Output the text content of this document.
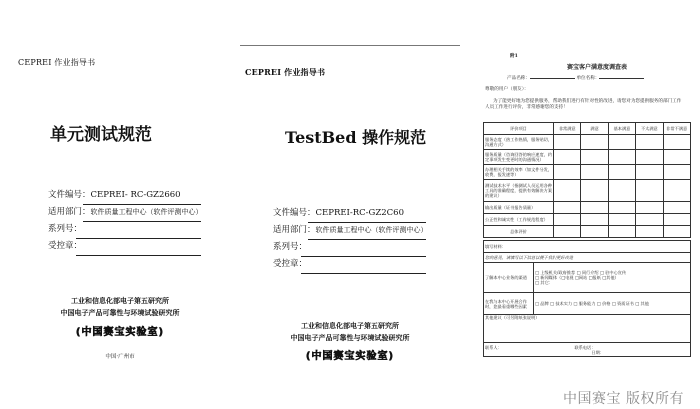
CEPREI 作业指导书
单元测试规范
文件编号：CEPREI- RC-GZ2660
适用部门：软件质量工程中心（软件评测中心）
系列号：
受控章：
工业和信息化部电子第五研究所
中国电子产品可靠性与环境试验研究所
(中国赛宝实验室)
中国·广州市
CEPREI 作业指导书
TestBed 操作规范
文件编号：CEPREI-RC-GZ2C60
适用部门：软件质量工程中心（软件评测中心）
系列号：
受控章：
工业和信息化部电子第五研究所
中国电子产品可靠性与环境试验研究所
(中国赛宝实验室)
附1
赛宝客户满意度调查表
产品名称：	单位名称：
尊敬的用户（朋友）：
为了能更好地为您提供服务，帮助我们进行有针对性的改进，请您对为您提供服务的部门工作人员工作进行评价，非常感谢您的支持！
评价项目	非常满意	满意	基本满意	不太满意	非常不满意
服务态度（热工作热情，服务贴切，沟通方式）					
服务质量（咨询回答的响应速度，约定事项发生变更时的沟通情况）					
办理相关手续的效率（如文件分发，收费，报发速等）					
测试技术水平（指测试人员运用各种工具的准确程度，提供有效解决方案的建议）					
输出质量（证书报告质量）					
公正性和诚实性（工作规范程度）					
总体评价					
填写材料：	
您的意见，请填写以下信息以便于我们更好改进	
了解本中心业务的渠道	□ 上级机关/政府推荐 □ 同行介绍 □ 驻中心宣传
□ 新闻媒体（□电视 □网站 □报纸 □其他）
□ 其它：
在我与本中心开展合作时，您最看重哪些因素	□ 品牌 □ 技术实力 □ 服务能力 □ 价格 □ 资质证书 □ 其他
其他建议（可另附纸张说明）	
联系人： 联系电话：
日期：	
中国赛宝 版权所有
